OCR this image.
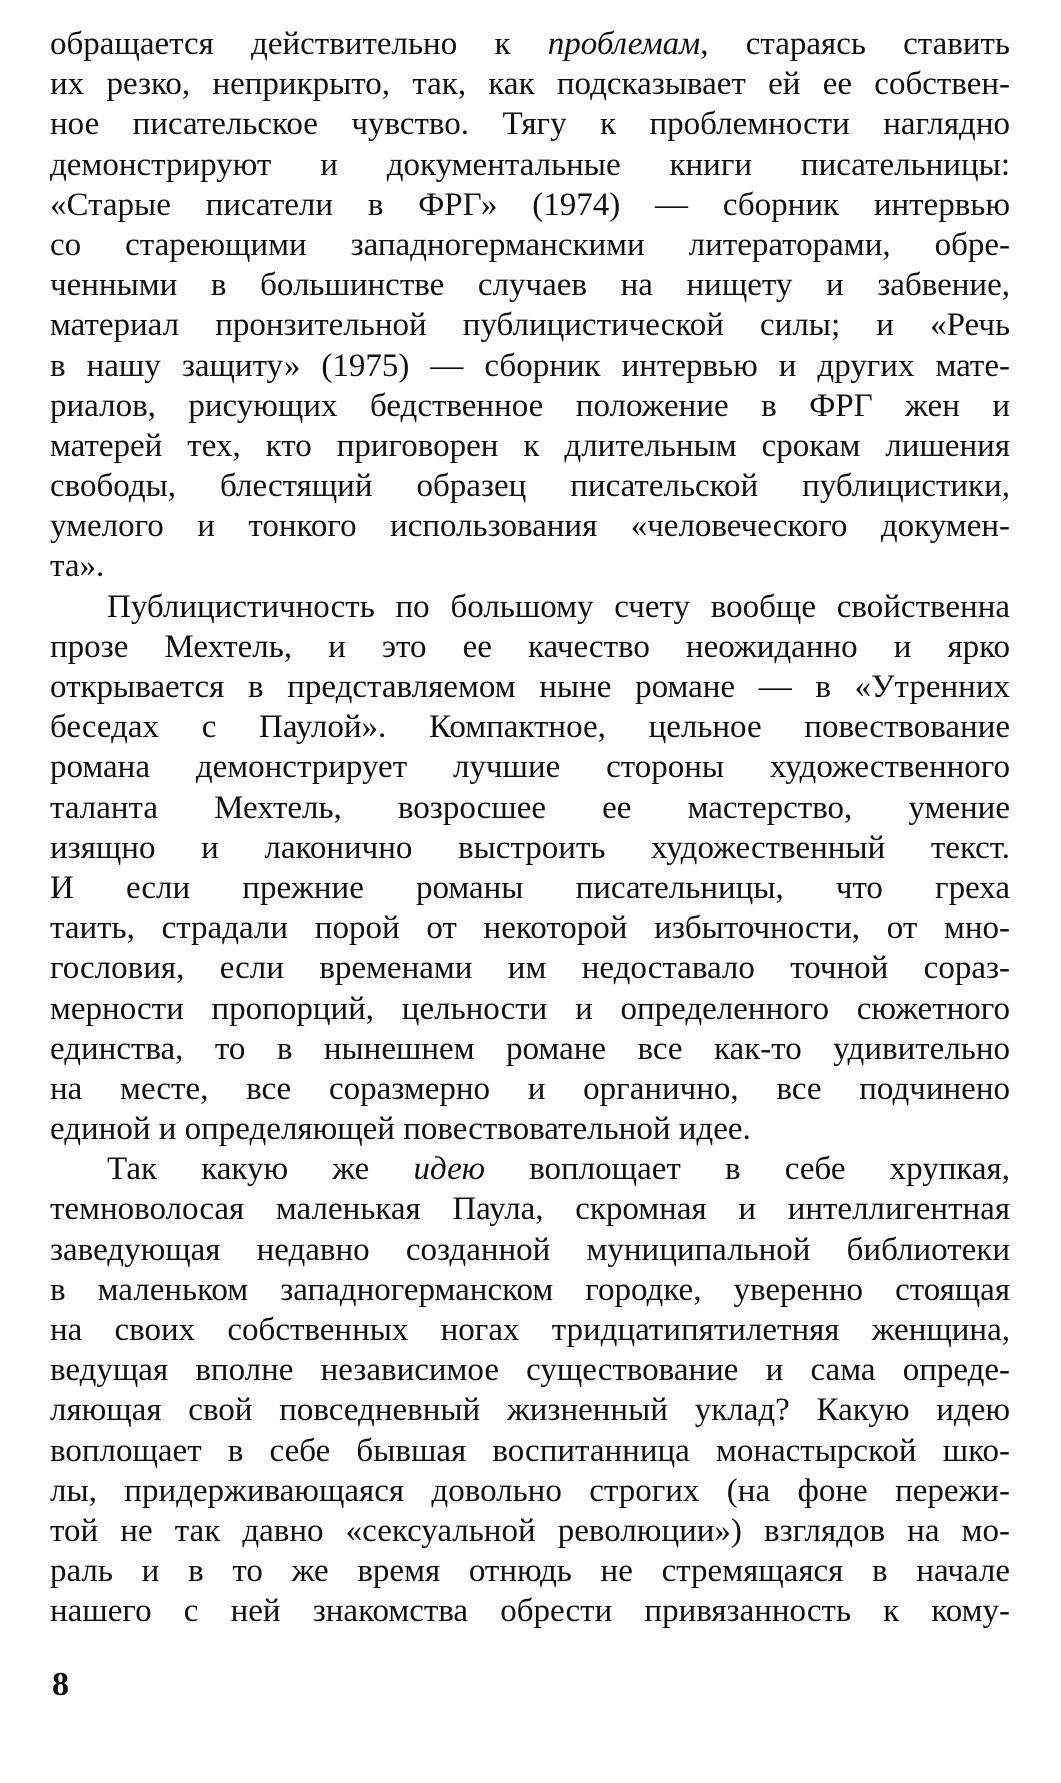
обращается действительно к проблемам, стараясь ставить
их резко, неприкрыто, так, как подсказывает ей ее собствен-
ное писательское чувство. Тягу к проблемности наглядно
демонстрируют и документальные книги писательницы:
«Старые писатели в ФРГ» (1974) — сборник интервью
со стареющими западногерманскими литераторами, обре-
ченными в большинстве случаев на нищету и забвение,
материал пронзительной публицистической силы; и «Речь
в нашу защиту» (1975) — сборник интервью и других мате-
риалов, рисующих бедственное положение в ФРГ жен и
матерей тех, кто приговорен к длительным срокам лишения
свободы, блестящий образец писательской публицистики,
умелого и тонкого использования «человеческого докумен-
та».
Публицистичность по большому счету вообще свойственна
прозе Мехтель, и это ее качество неожиданно и ярко
открывается в представляемом ныне романе — в «Утренних
беседах с Паулой». Компактное, цельное повествование
романа демонстрирует лучшие стороны художественного
таланта Мехтель, возросшее ее мастерство, умение
изящно и лаконично выстроить художественный текст.
И если прежние романы писательницы, что греха
таить, страдали порой от некоторой избыточности, от мно-
гословия, если временами им недоставало точной сораз-
мерности пропорций, цельности и определенного сюжетного
единства, то в нынешнем романе все как-то удивительно
на месте, все соразмерно и органично, все подчинено
единой и определяющей повествовательной идее.
Так какую же идею воплощает в себе хрупкая,
темноволосая маленькая Паула, скромная и интеллигентная
заведующая недавно созданной муниципальной библиотеки
в маленьком западногерманском городке, уверенно стоящая
на своих собственных ногах тридцатипятилетняя женщина,
ведущая вполне независимое существование и сама опреде-
ляющая свой повседневный жизненный уклад? Какую идею
воплощает в себе бывшая воспитанница монастырской шко-
лы, придерживающаяся довольно строгих (на фоне пережи-
той не так давно «сексуальной революции») взглядов на мо-
раль и в то же время отнюдь не стремящаяся в начале
нашего с ней знакомства обрести привязанность к кому-
8
